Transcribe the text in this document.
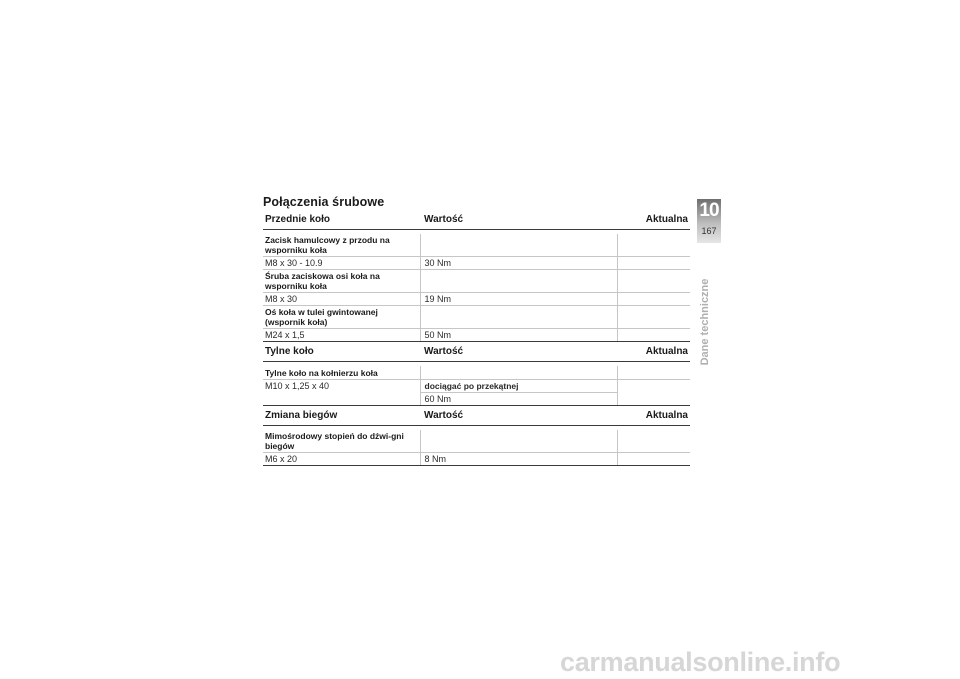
Połączenia śrubowe
Przednie koło	Wartość	Aktualna

Zacisk hamulcowy z przodu na wsporniku koła		
M8 x 30 - 10.9	30 Nm	
Śruba zaciskowa osi koła na wsporniku koła		
M8 x 30	19 Nm	
Oś koła w tulei gwintowanej (wspornik koła)		
M24 x 1,5	50 Nm	
Tylne koło	Wartość	Aktualna

Tylne koło na kołnierzu koła		
M10 x 1,25 x 40	dociągać po przekątnej	
	60 Nm	
Zmiana biegów	Wartość	Aktualna

Mimośrodowy stopień do dźwi-gni biegów		
M6 x 20	8 Nm	
10
167
Dane techniczne
carmanualsonline.info
